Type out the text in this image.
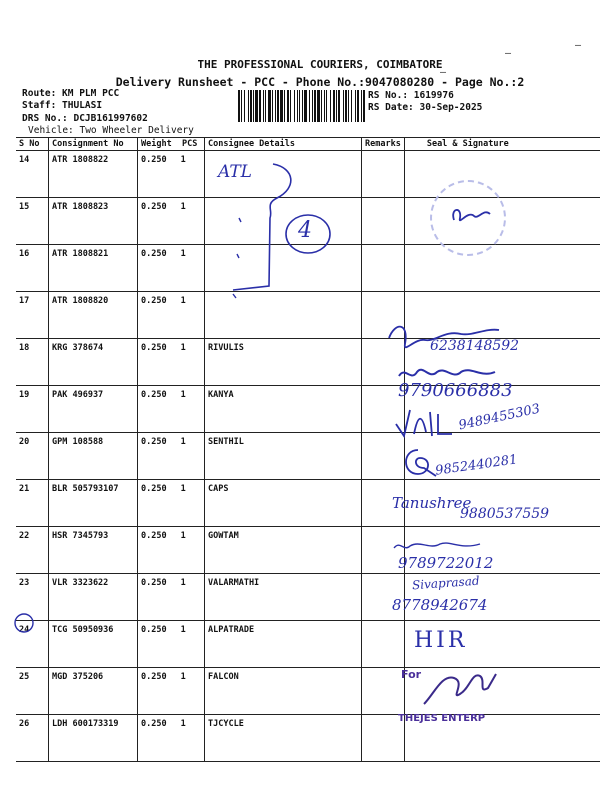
THE PROFESSIONAL COURIERS, COIMBATORE
Delivery Runsheet - PCC - Phone No.:9047080280 - Page No.:2
Route: KM PLM PCC
Staff: THULASI
DRS No.: DCJB161997602
Vehicle: Two Wheeler Delivery
RS No.: 1619976
RS Date: 30-Sep-2025
–
–
–
S No	Consignment No	Weight PCS	Consignee Details	Remarks	Seal & Signature
14	ATR 1808822	0.250 1			
15	ATR 1808823	0.250 1			
16	ATR 1808821	0.250 1			
17	ATR 1808820	0.250 1			
18	KRG 378674	0.250 1	RIVULIS		
19	PAK 496937	0.250 1	KANYA		
20	GPM 108588	0.250 1	SENTHIL		
21	BLR 505793107	0.250 1	CAPS		
22	HSR 7345793	0.250 1	GOWTAM		
23	VLR 3323622	0.250 1	VALARMATHI		
24	TCG 50950936	0.250 1	ALPATRADE		
25	MGD 375206	0.250 1	FALCON		
26	LDH 600173319	0.250 1	TJCYCLE		
ATL
4
6238148592
9790666883
9489455303
9852440281
Tanushree
9880537559
9789722012
Sivaprasad
8778942674
HIR
For
THEJES ENTERP
